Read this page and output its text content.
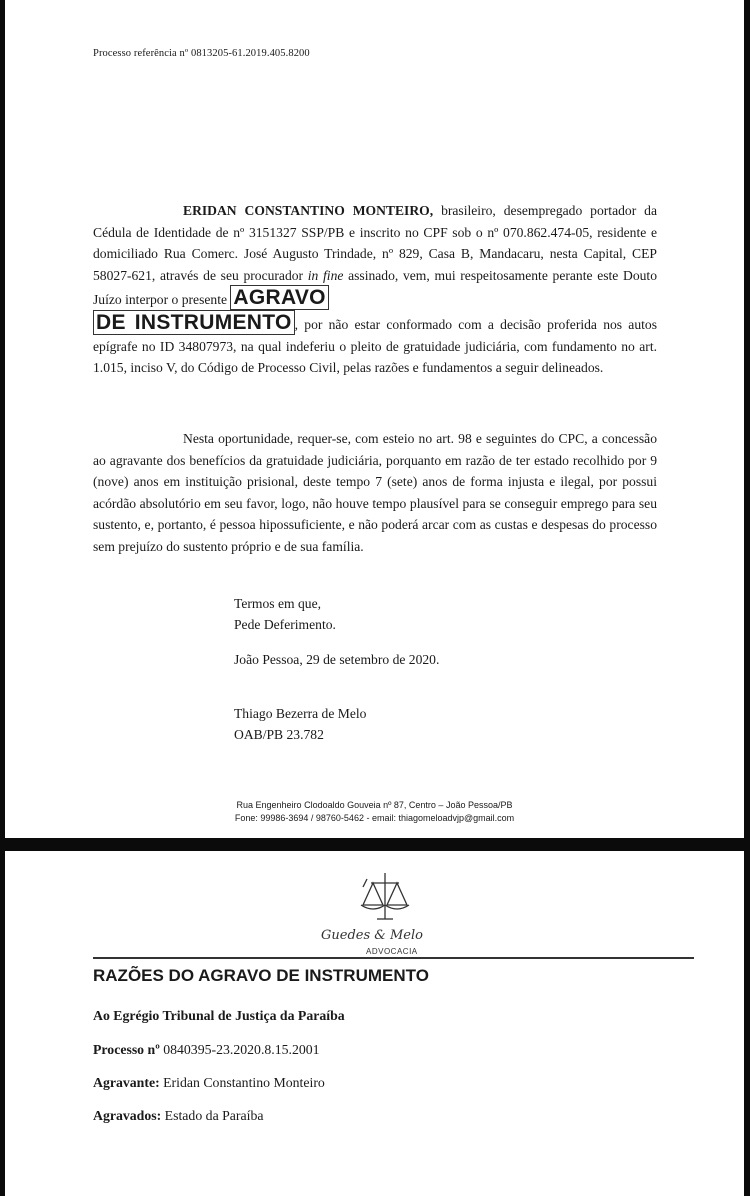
Processo referência nº 0813205-61.2019.405.8200
ERIDAN CONSTANTINO MONTEIRO, brasileiro, desempregado portador da Cédula de Identidade de nº 3151327 SSP/PB e inscrito no CPF sob o nº 070.862.474-05, residente e domiciliado Rua Comerc. José Augusto Trindade, nº 829, Casa B, Mandacaru, nesta Capital, CEP 58027-621, através de seu procurador in fine assinado, vem, mui respeitosamente perante este Douto Juízo interpor o presente AGRAVO
DE INSTRUMENTO , por não estar conformado com a decisão proferida nos autos epígrafe no ID 34807973, na qual indeferiu o pleito de gratuidade judiciária, com fundamento no art. 1.015, inciso V, do Código de Processo Civil, pelas razões e fundamentos a seguir delineados.
Nesta oportunidade, requer-se, com esteio no art. 98 e seguintes do CPC, a concessão ao agravante dos benefícios da gratuidade judiciária, porquanto em razão de ter estado recolhido por 9 (nove) anos em instituição prisional, deste tempo 7 (sete) anos de forma injusta e ilegal, por possui acórdão absolutório em seu favor, logo, não houve tempo plausível para se conseguir emprego para seu sustento, e, portanto, é pessoa hipossuficiente, e não poderá arcar com as custas e despesas do processo sem prejuízo do sustento próprio e de sua família.
Termos em que,
Pede Deferimento.
João Pessoa, 29 de setembro de 2020.
Thiago Bezerra de Melo
OAB/PB 23.782
Rua Engenheiro Clodoaldo Gouveia nº 87, Centro – João Pessoa/PB
Fone: 99986-3694 / 98760-5462 - email: thiagomeloadvjp@gmail.com
Guedes & Melo
ADVOCACIA
RAZÕES DO AGRAVO DE INSTRUMENTO
Ao Egrégio Tribunal de Justiça da Paraíba
Processo nº 0840395-23.2020.8.15.2001
Agravante: Eridan Constantino Monteiro
Agravados: Estado da Paraíba
